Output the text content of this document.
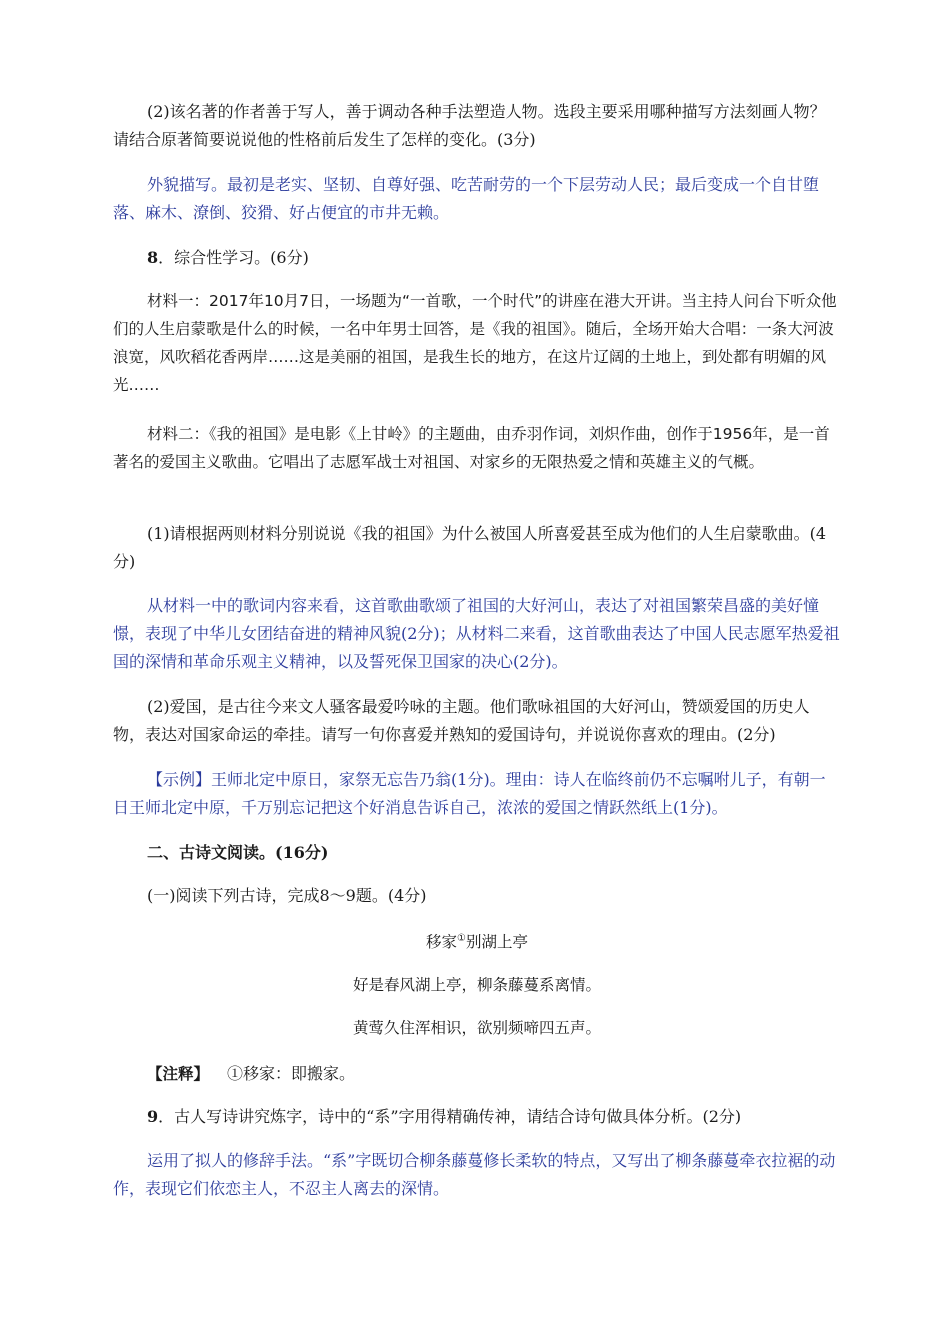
(2)该名著的作者善于写人，善于调动各种手法塑造人物。选段主要采用哪种描写方法刻画人物？请结合原著简要说说他的性格前后发生了怎样的变化。(3分)
外貌描写。最初是老实、坚韧、自尊好强、吃苦耐劳的一个下层劳动人民；最后变成一个自甘堕落、麻木、潦倒、狡猾、好占便宜的市井无赖。
8．综合性学习。(6分)
材料一：2017年10月7日，一场题为“一首歌，一个时代”的讲座在港大开讲。当主持人问台下听众他们的人生启蒙歌是什么的时候，一名中年男士回答，是《我的祖国》。随后，全场开始大合唱：一条大河波浪宽，风吹稻花香两岸……这是美丽的祖国，是我生长的地方，在这片辽阔的土地上，到处都有明媚的风光……
材料二：《我的祖国》是电影《上甘岭》的主题曲，由乔羽作词，刘炽作曲，创作于1956年，是一首著名的爱国主义歌曲。它唱出了志愿军战士对祖国、对家乡的无限热爱之情和英雄主义的气概。
(1)请根据两则材料分别说说《我的祖国》为什么被国人所喜爱甚至成为他们的人生启蒙歌曲。(4分)
从材料一中的歌词内容来看，这首歌曲歌颂了祖国的大好河山，表达了对祖国繁荣昌盛的美好憧憬，表现了中华儿女团结奋进的精神风貌(2分)；从材料二来看，这首歌曲表达了中国人民志愿军热爱祖国的深情和革命乐观主义精神，以及誓死保卫国家的决心(2分)。
(2)爱国，是古往今来文人骚客最爱吟咏的主题。他们歌咏祖国的大好河山，赞颂爱国的历史人物，表达对国家命运的牵挂。请写一句你喜爱并熟知的爱国诗句，并说说你喜欢的理由。(2分)
【示例】王师北定中原日，家祭无忘告乃翁(1分)。理由：诗人在临终前仍不忘嘱咐儿子，有朝一日王师北定中原，千万别忘记把这个好消息告诉自己，浓浓的爱国之情跃然纸上(1分)。
二、古诗文阅读。(16分)
(一)阅读下列古诗，完成8～9题。(4分)
移家①别湖上亭
好是春风湖上亭，柳条藤蔓系离情。
黄莺久住浑相识，欲别频啼四五声。
【注释】 ①移家：即搬家。
9．古人写诗讲究炼字，诗中的“系”字用得精确传神，请结合诗句做具体分析。(2分)
运用了拟人的修辞手法。“系”字既切合柳条藤蔓修长柔软的特点，又写出了柳条藤蔓牵衣拉裾的动作，表现它们依恋主人，不忍主人离去的深情。
